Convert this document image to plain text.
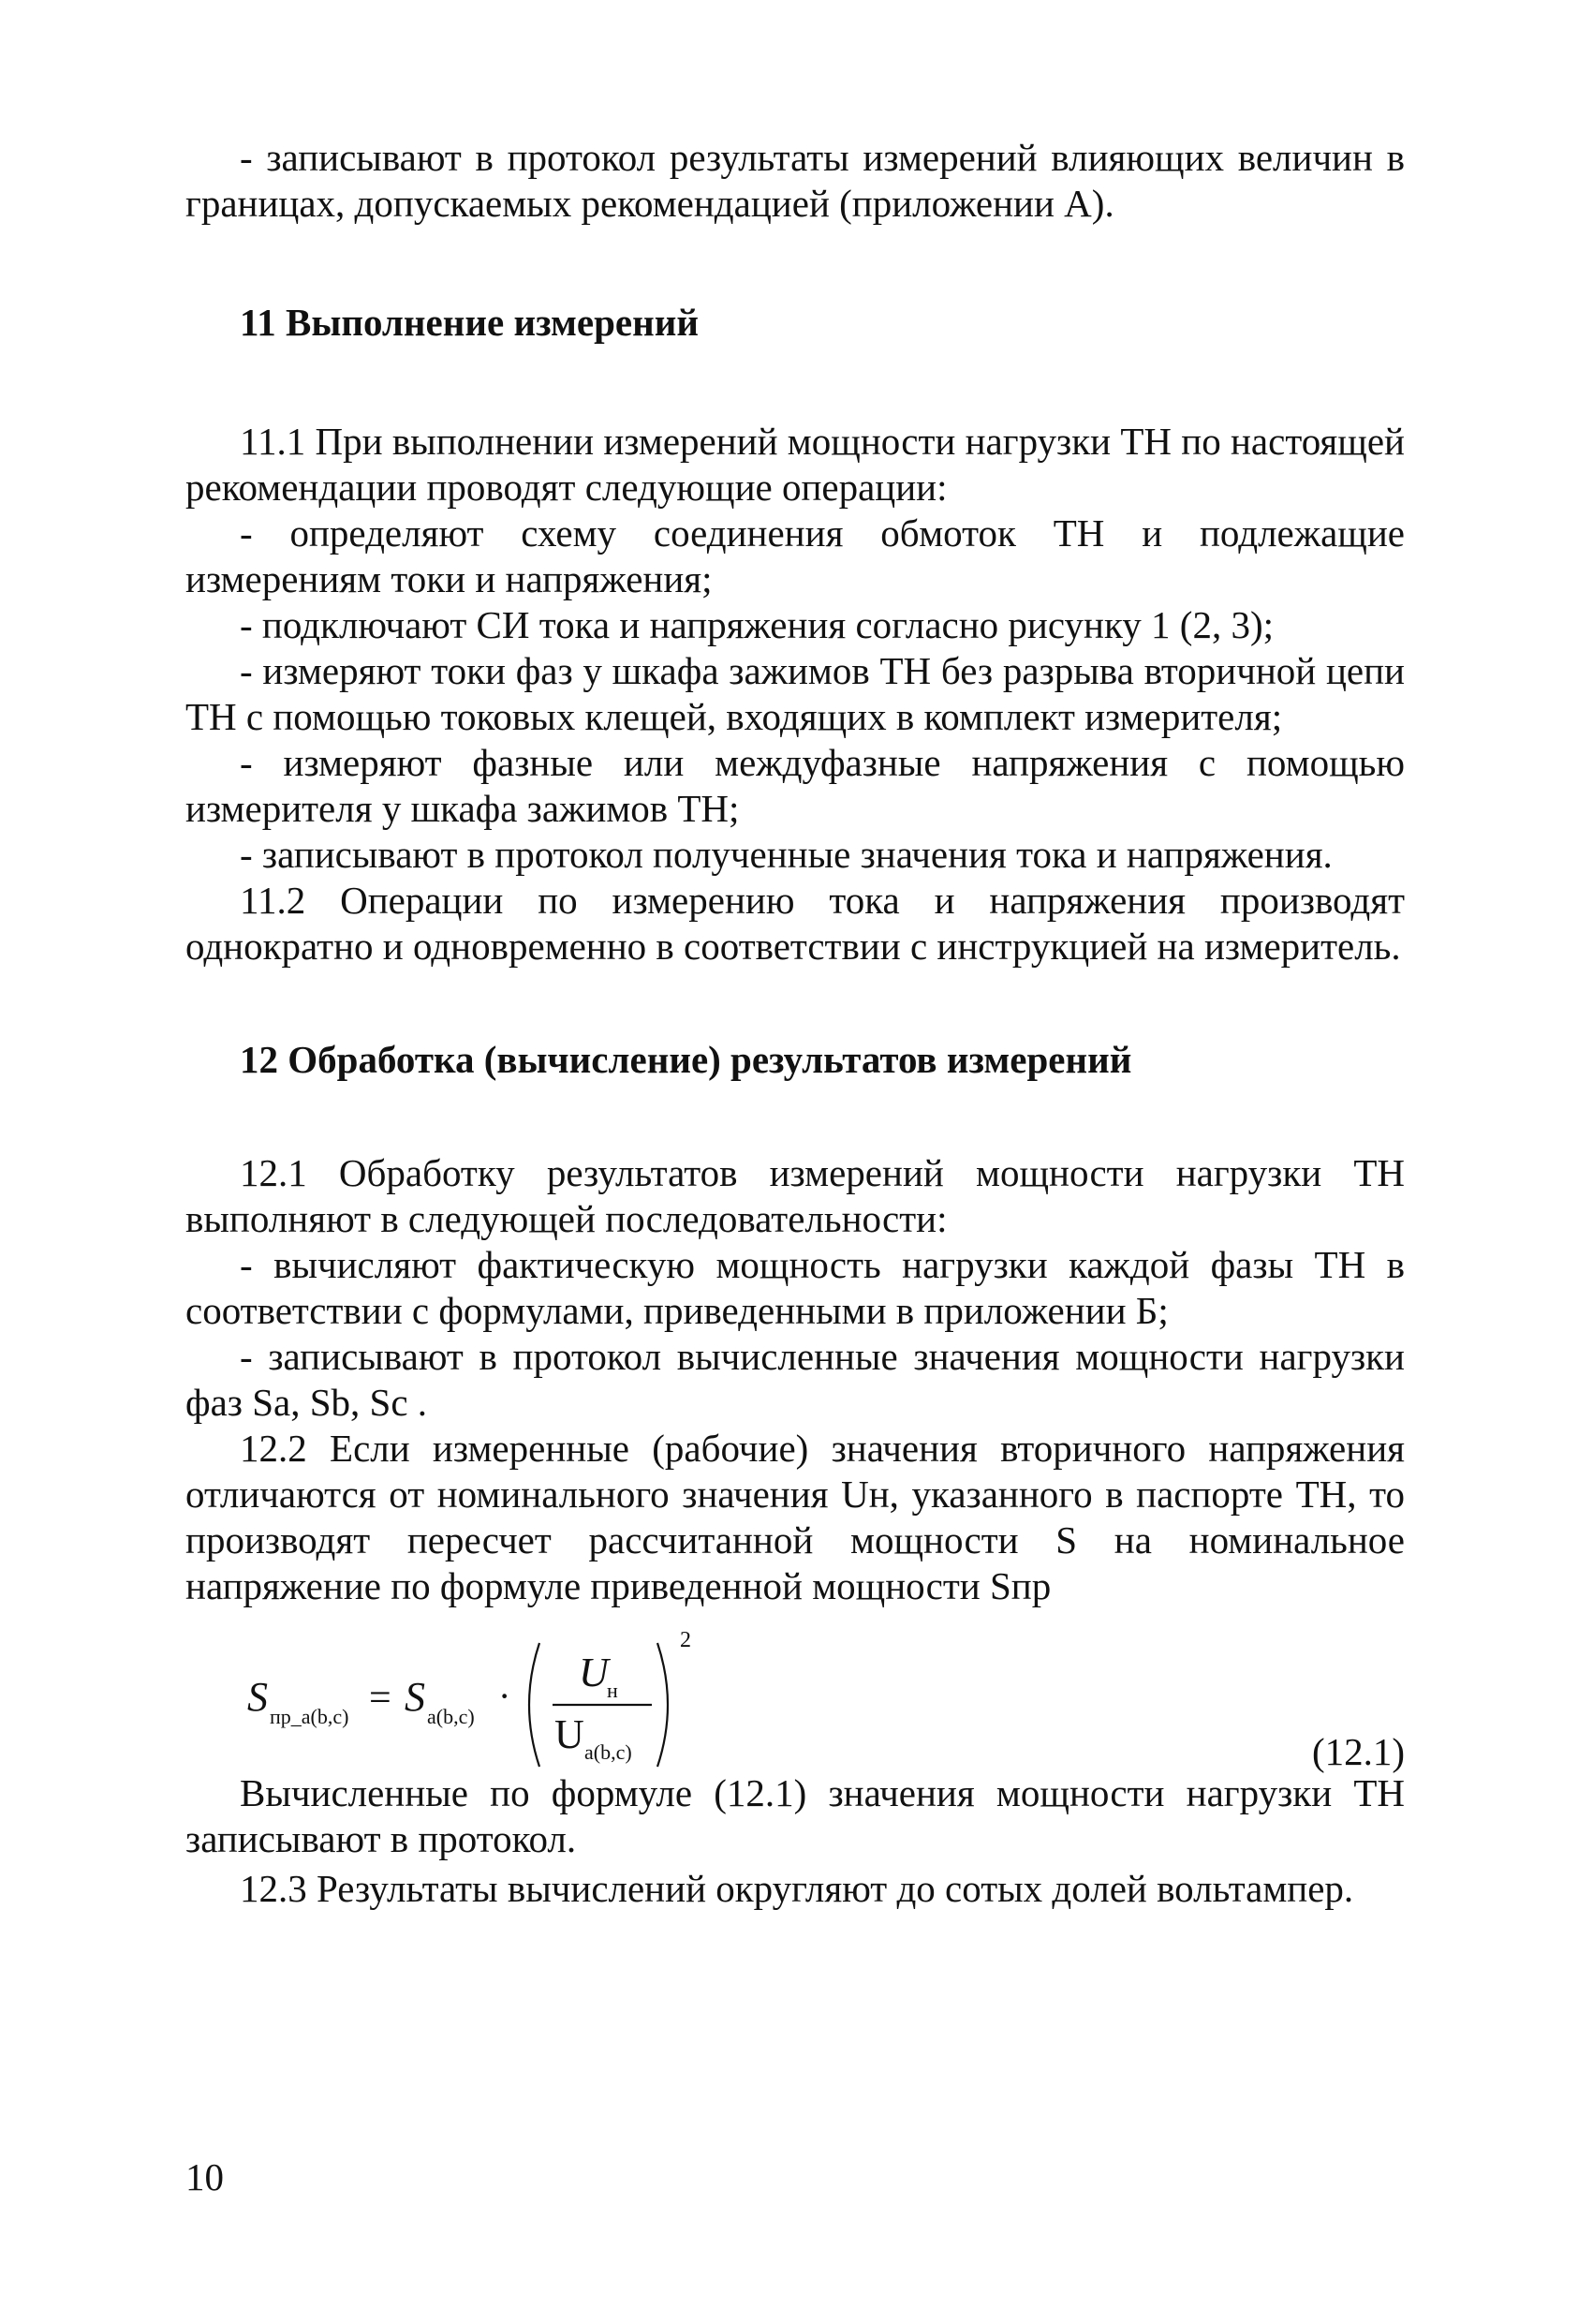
- записывают в протокол результаты измерений влияющих величин в границах, допускаемых рекомендацией (приложении А).

11 Выполнение измерений

11.1 При выполнении измерений мощности нагрузки ТН по настоящей рекомендации проводят следующие операции:

- определяют схему соединения обмоток ТН и подлежащие измерениям токи и напряжения;

- подключают СИ тока и напряжения согласно рисунку 1 (2, 3);

- измеряют токи фаз у шкафа зажимов ТН без разрыва вторичной цепи ТН с помощью токовых клещей, входящих в комплект измерителя;

- измеряют фазные или междуфазные напряжения с помощью измерителя у шкафа зажимов ТН;

- записывают в протокол полученные значения тока и напряжения.

11.2 Операции по измерению тока и напряжения производят однократно и одновременно в соответствии с инструкцией на измеритель.

12 Обработка (вычисление) результатов измерений

12.1 Обработку результатов измерений мощности нагрузки ТН выполняют в следующей последовательности:

- вычисляют фактическую мощность нагрузки каждой фазы ТН в соответствии с формулами, приведенными в приложении Б;

- записывают в протокол вычисленные значения мощности нагрузки фаз Sa, Sb, Sc .

12.2 Если измеренные (рабочие) значения вторичного напряжения отличаются от номинального значения Uн, указанного в паспорте ТН, то производят пересчет рассчитанной мощности S на номинальное напряжение по формуле приведенной мощности Sпр

S пр_a(b,c) = S a(b,c) ·
U
н
U a(b,c)
2
(12.1)

Вычисленные по формуле (12.1) значения мощности нагрузки ТН записывают в протокол.

12.3 Результаты вычислений округляют до сотых долей вольтампер.

10
